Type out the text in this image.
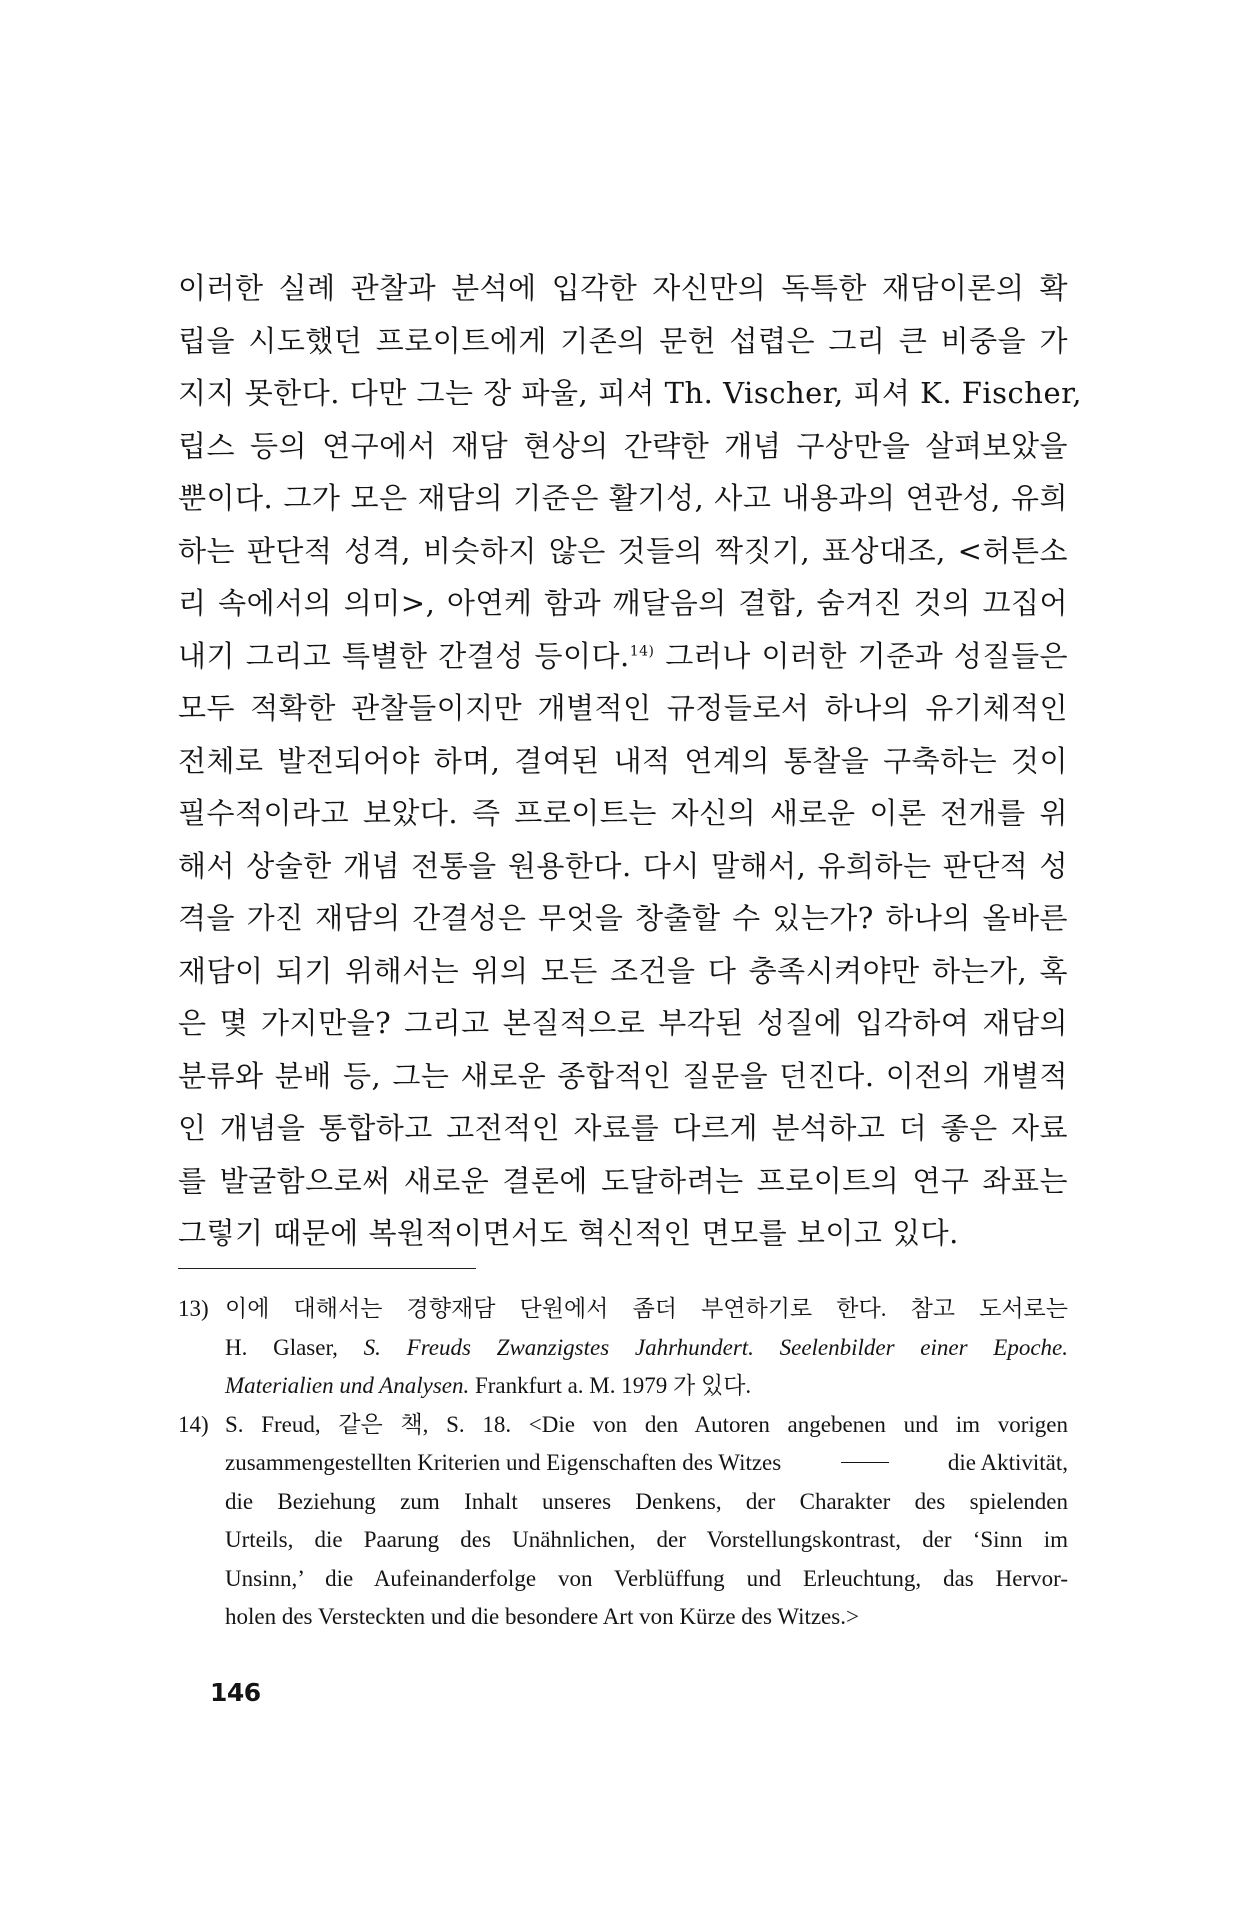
이러한 실례 관찰과 분석에 입각한 자신만의 독특한 재담이론의 확
립을 시도했던 프로이트에게 기존의 문헌 섭렵은 그리 큰 비중을 가
지지 못한다. 다만 그는 장 파울, 피셔 Th. Vischer, 피셔 K. Fischer,
립스 등의 연구에서 재담 현상의 간략한 개념 구상만을 살펴보았을
뿐이다. 그가 모은 재담의 기준은 활기성, 사고 내용과의 연관성, 유희
하는 판단적 성격, 비슷하지 않은 것들의 짝짓기, 표상대조, <허튼소
리 속에서의 의미>, 아연케 함과 깨달음의 결합, 숨겨진 것의 끄집어
내기 그리고 특별한 간결성 등이다.$^{14)}$ 그러나 이러한 기준과 성질들은
모두 적확한 관찰들이지만 개별적인 규정들로서 하나의 유기체적인
전체로 발전되어야 하며, 결여된 내적 연계의 통찰을 구축하는 것이
필수적이라고 보았다. 즉 프로이트는 자신의 새로운 이론 전개를 위
해서 상술한 개념 전통을 원용한다. 다시 말해서, 유희하는 판단적 성
격을 가진 재담의 간결성은 무엇을 창출할 수 있는가? 하나의 올바른
재담이 되기 위해서는 위의 모든 조건을 다 충족시켜야만 하는가, 혹
은 몇 가지만을? 그리고 본질적으로 부각된 성질에 입각하여 재담의
분류와 분배 등, 그는 새로운 종합적인 질문을 던진다. 이전의 개별적
인 개념을 통합하고 고전적인 자료를 다르게 분석하고 더 좋은 자료
를 발굴함으로써 새로운 결론에 도달하려는 프로이트의 연구 좌표는
그렇기 때문에 복원적이면서도 혁신적인 면모를 보이고 있다.
13) 이에 대해서는 경향재담 단원에서 좀더 부연하기로 한다. 참고 도서로는
H. Glaser, S. Freuds Zwanzigstes Jahrhundert. Seelenbilder einer Epoche.
Materialien und Analysen. Frankfurt a. M. 1979 가 있다.
14) S. Freud, 같은 책, S. 18. <Die von den Autoren angebenen und im vorigen
zusammengestellten Kriterien und Eigenschaften des Witzes	die Aktivität,
die Beziehung zum Inhalt unseres Denkens, der Charakter des spielenden
Urteils, die Paarung des Unähnlichen, der Vorstellungskontrast, der ‘Sinn im
Unsinn,’ die Aufeinanderfolge von Verblüffung und Erleuchtung, das Hervor-
holen des Versteckten und die besondere Art von Kürze des Witzes.>
146
